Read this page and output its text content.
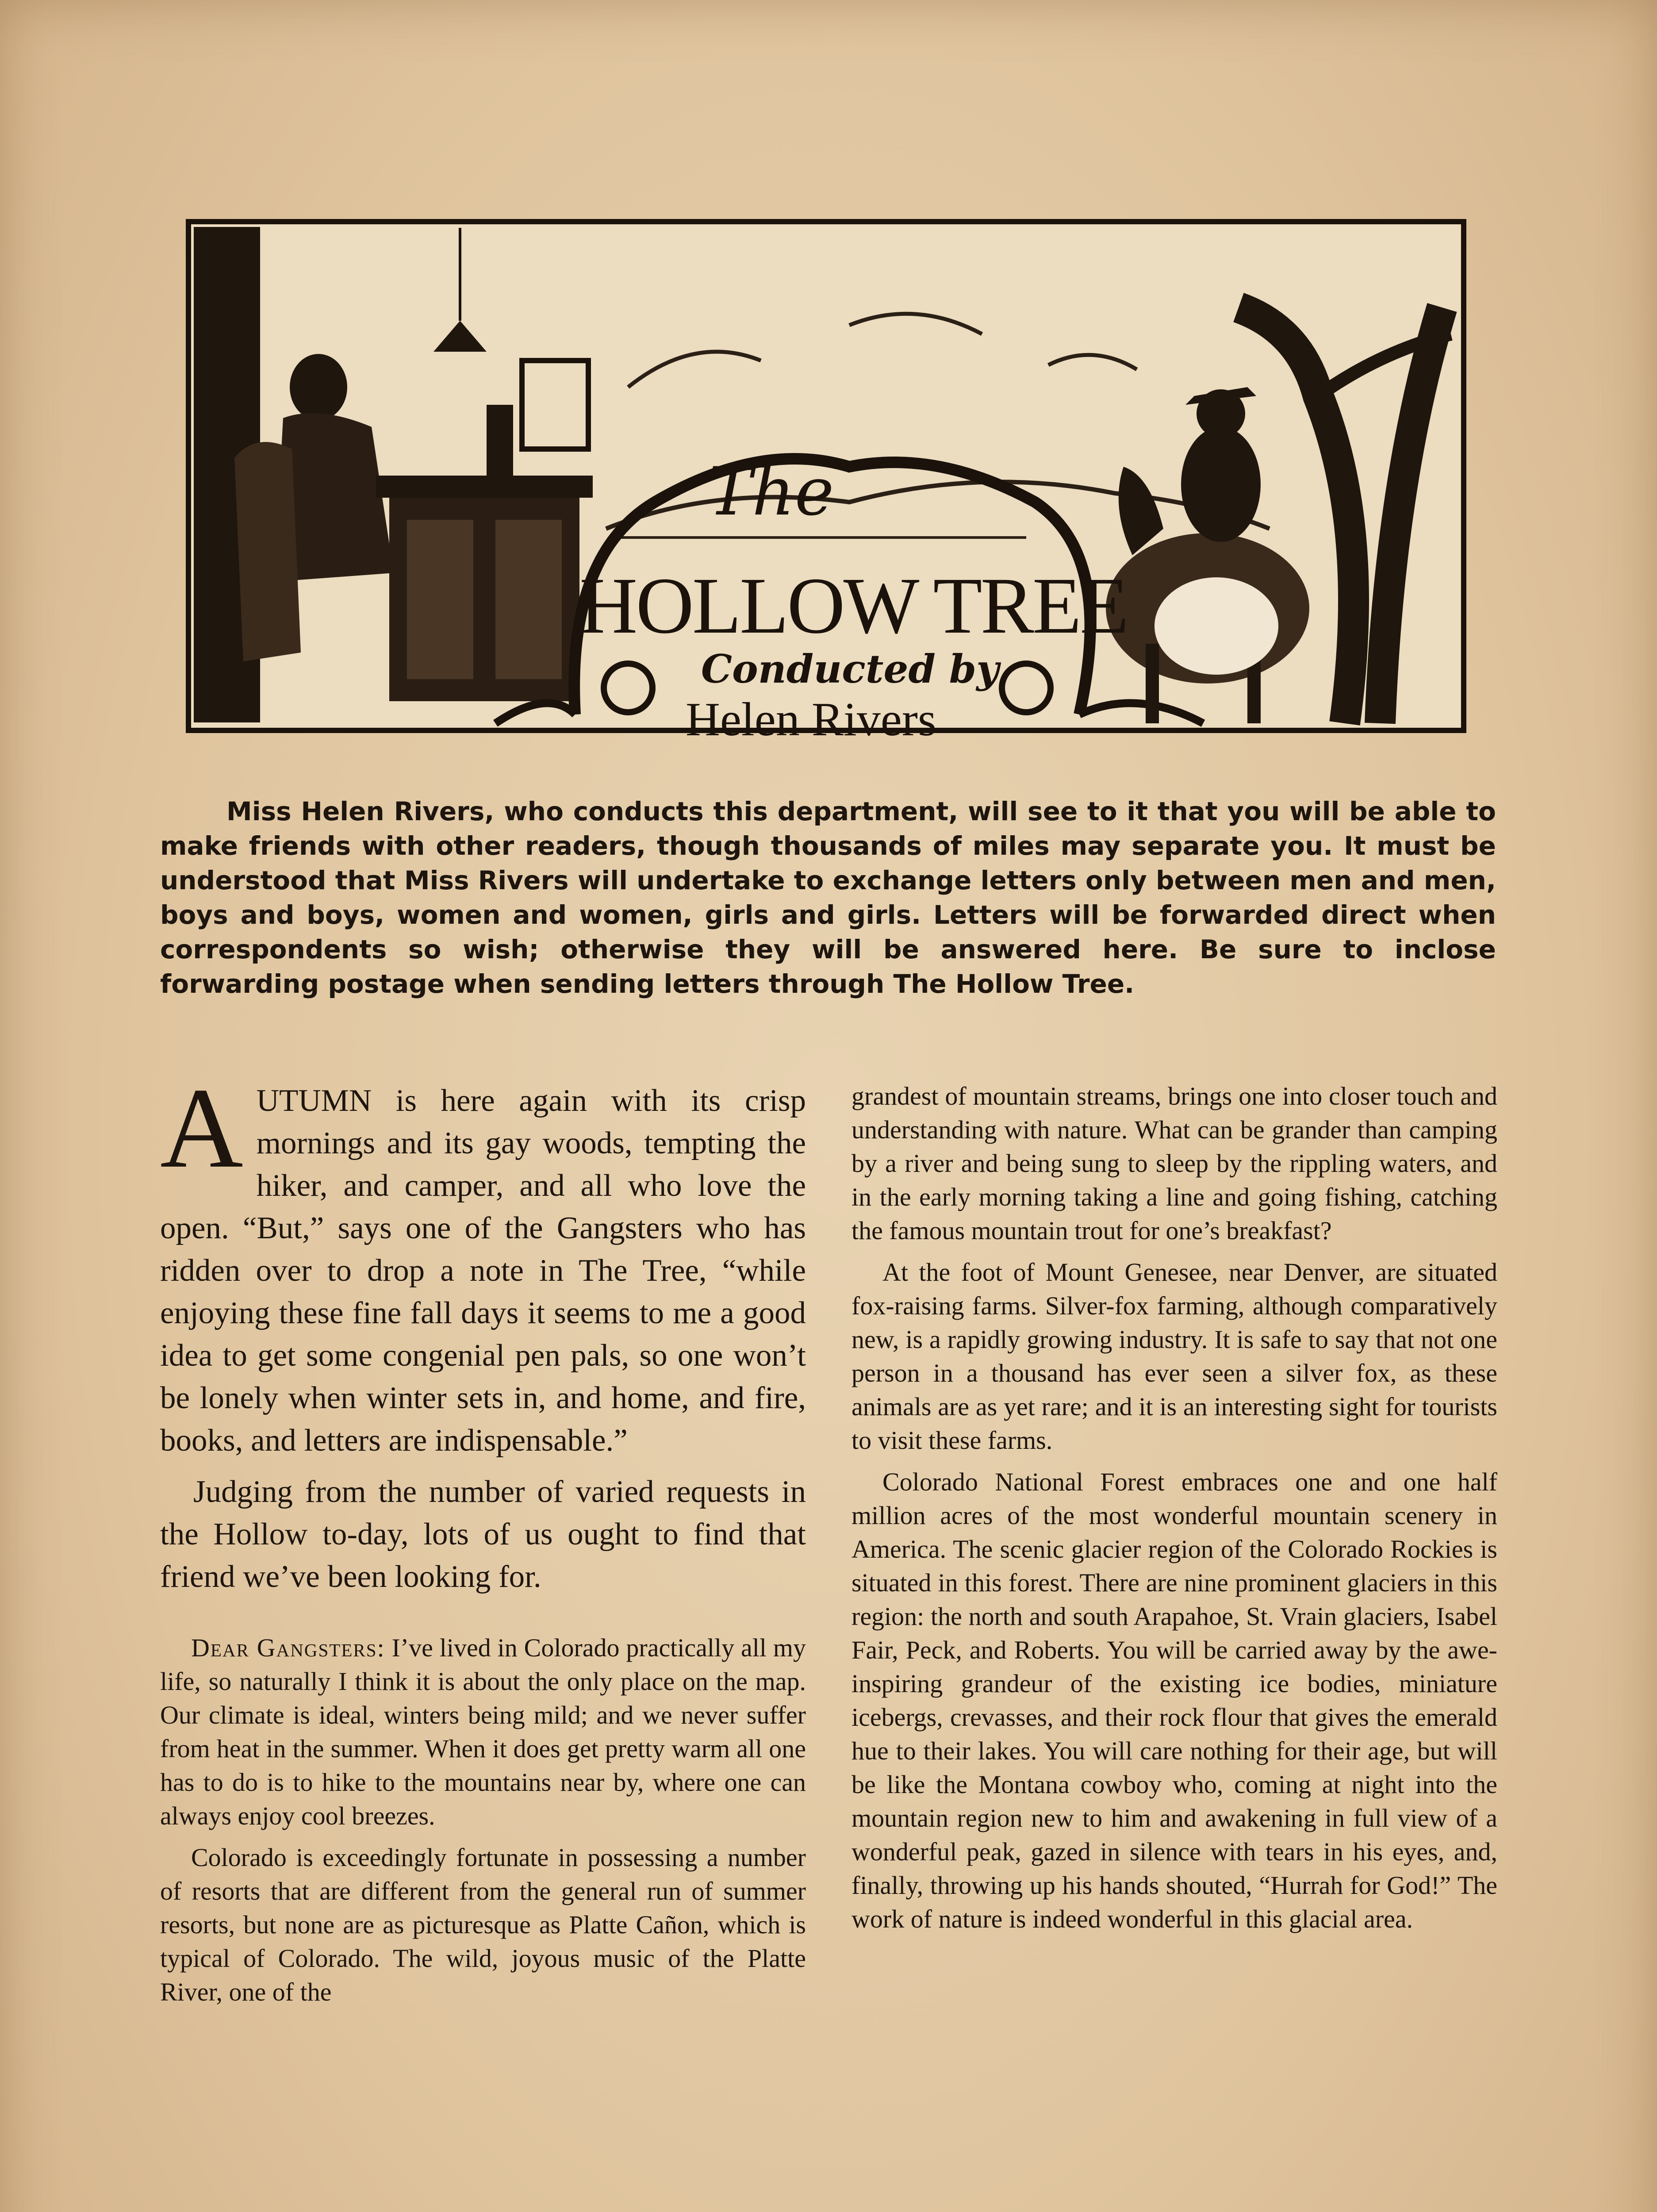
The
HOLLOW TREE
Conducted by
Helen Rivers

Miss Helen Rivers, who conducts this department, will see to it that you will be able to make friends with other readers, though thousands of miles may separate you. It must be understood that Miss Rivers will undertake to exchange letters only between men and men, boys and boys, women and women, girls and girls. Letters will be forwarded direct when correspondents so wish; otherwise they will be answered here. Be sure to inclose forwarding postage when sending letters through The Hollow Tree.

AUTUMN is here again with its crisp mornings and its gay woods, tempting the hiker, and camper, and all who love the open. “But,” says one of the Gangsters who has ridden over to drop a note in The Tree, “while enjoying these fine fall days it seems to me a good idea to get some congenial pen pals, so one won’t be lonely when winter sets in, and home, and fire, books, and letters are indispensable.”

Judging from the number of varied requests in the Hollow to-day, lots of us ought to find that friend we’ve been looking for.

Dear Gangsters: I’ve lived in Colorado practically all my life, so naturally I think it is about the only place on the map. Our climate is ideal, winters being mild; and we never suffer from heat in the summer. When it does get pretty warm all one has to do is to hike to the mountains near by, where one can always enjoy cool breezes.

Colorado is exceedingly fortunate in possessing a number of resorts that are different from the general run of summer resorts, but none are as picturesque as Platte Cañon, which is typical of Colorado. The wild, joyous music of the Platte River, one of the

grandest of mountain streams, brings one into closer touch and understanding with nature. What can be grander than camping by a river and being sung to sleep by the rippling waters, and in the early morning taking a line and going fishing, catching the famous mountain trout for one’s breakfast?

At the foot of Mount Genesee, near Denver, are situated fox-raising farms. Silver-fox farming, although comparatively new, is a rapidly growing industry. It is safe to say that not one person in a thousand has ever seen a silver fox, as these animals are as yet rare; and it is an interesting sight for tourists to visit these farms.

Colorado National Forest embraces one and one half million acres of the most wonderful mountain scenery in America. The scenic glacier region of the Colorado Rockies is situated in this forest. There are nine prominent glaciers in this region: the north and south Arapahoe, St. Vrain glaciers, Isabel Fair, Peck, and Roberts. You will be carried away by the awe-inspiring grandeur of the existing ice bodies, miniature icebergs, crevasses, and their rock flour that gives the emerald hue to their lakes. You will care nothing for their age, but will be like the Montana cowboy who, coming at night into the mountain region new to him and awakening in full view of a wonderful peak, gazed in silence with tears in his eyes, and, finally, throwing up his hands shouted, “Hurrah for God!” The work of nature is indeed wonderful in this glacial area.
